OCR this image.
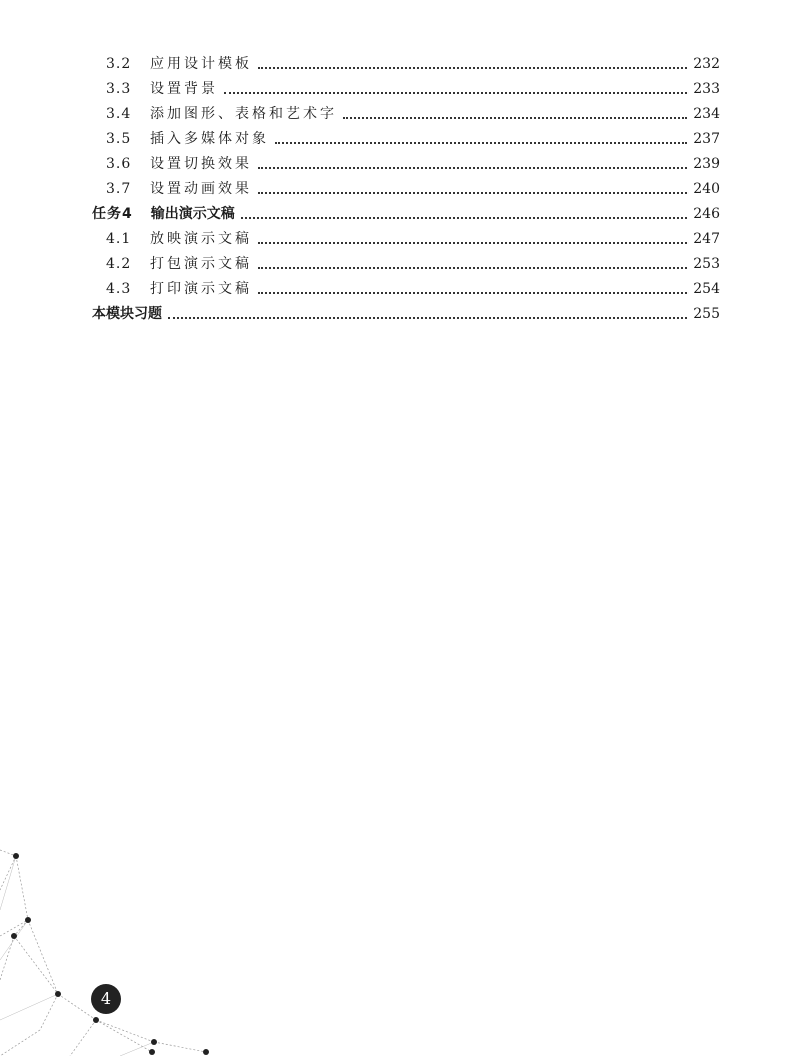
3.2	应用设计模板	232
3.3	设置背景	233
3.4	添加图形、表格和艺术字	234
3.5	插入多媒体对象	237
3.6	设置切换效果	239
3.7	设置动画效果	240
任务4 输出演示文稿	246
4.1	放映演示文稿	247
4.2	打包演示文稿	253
4.3	打印演示文稿	254
本模块习题	255
4
